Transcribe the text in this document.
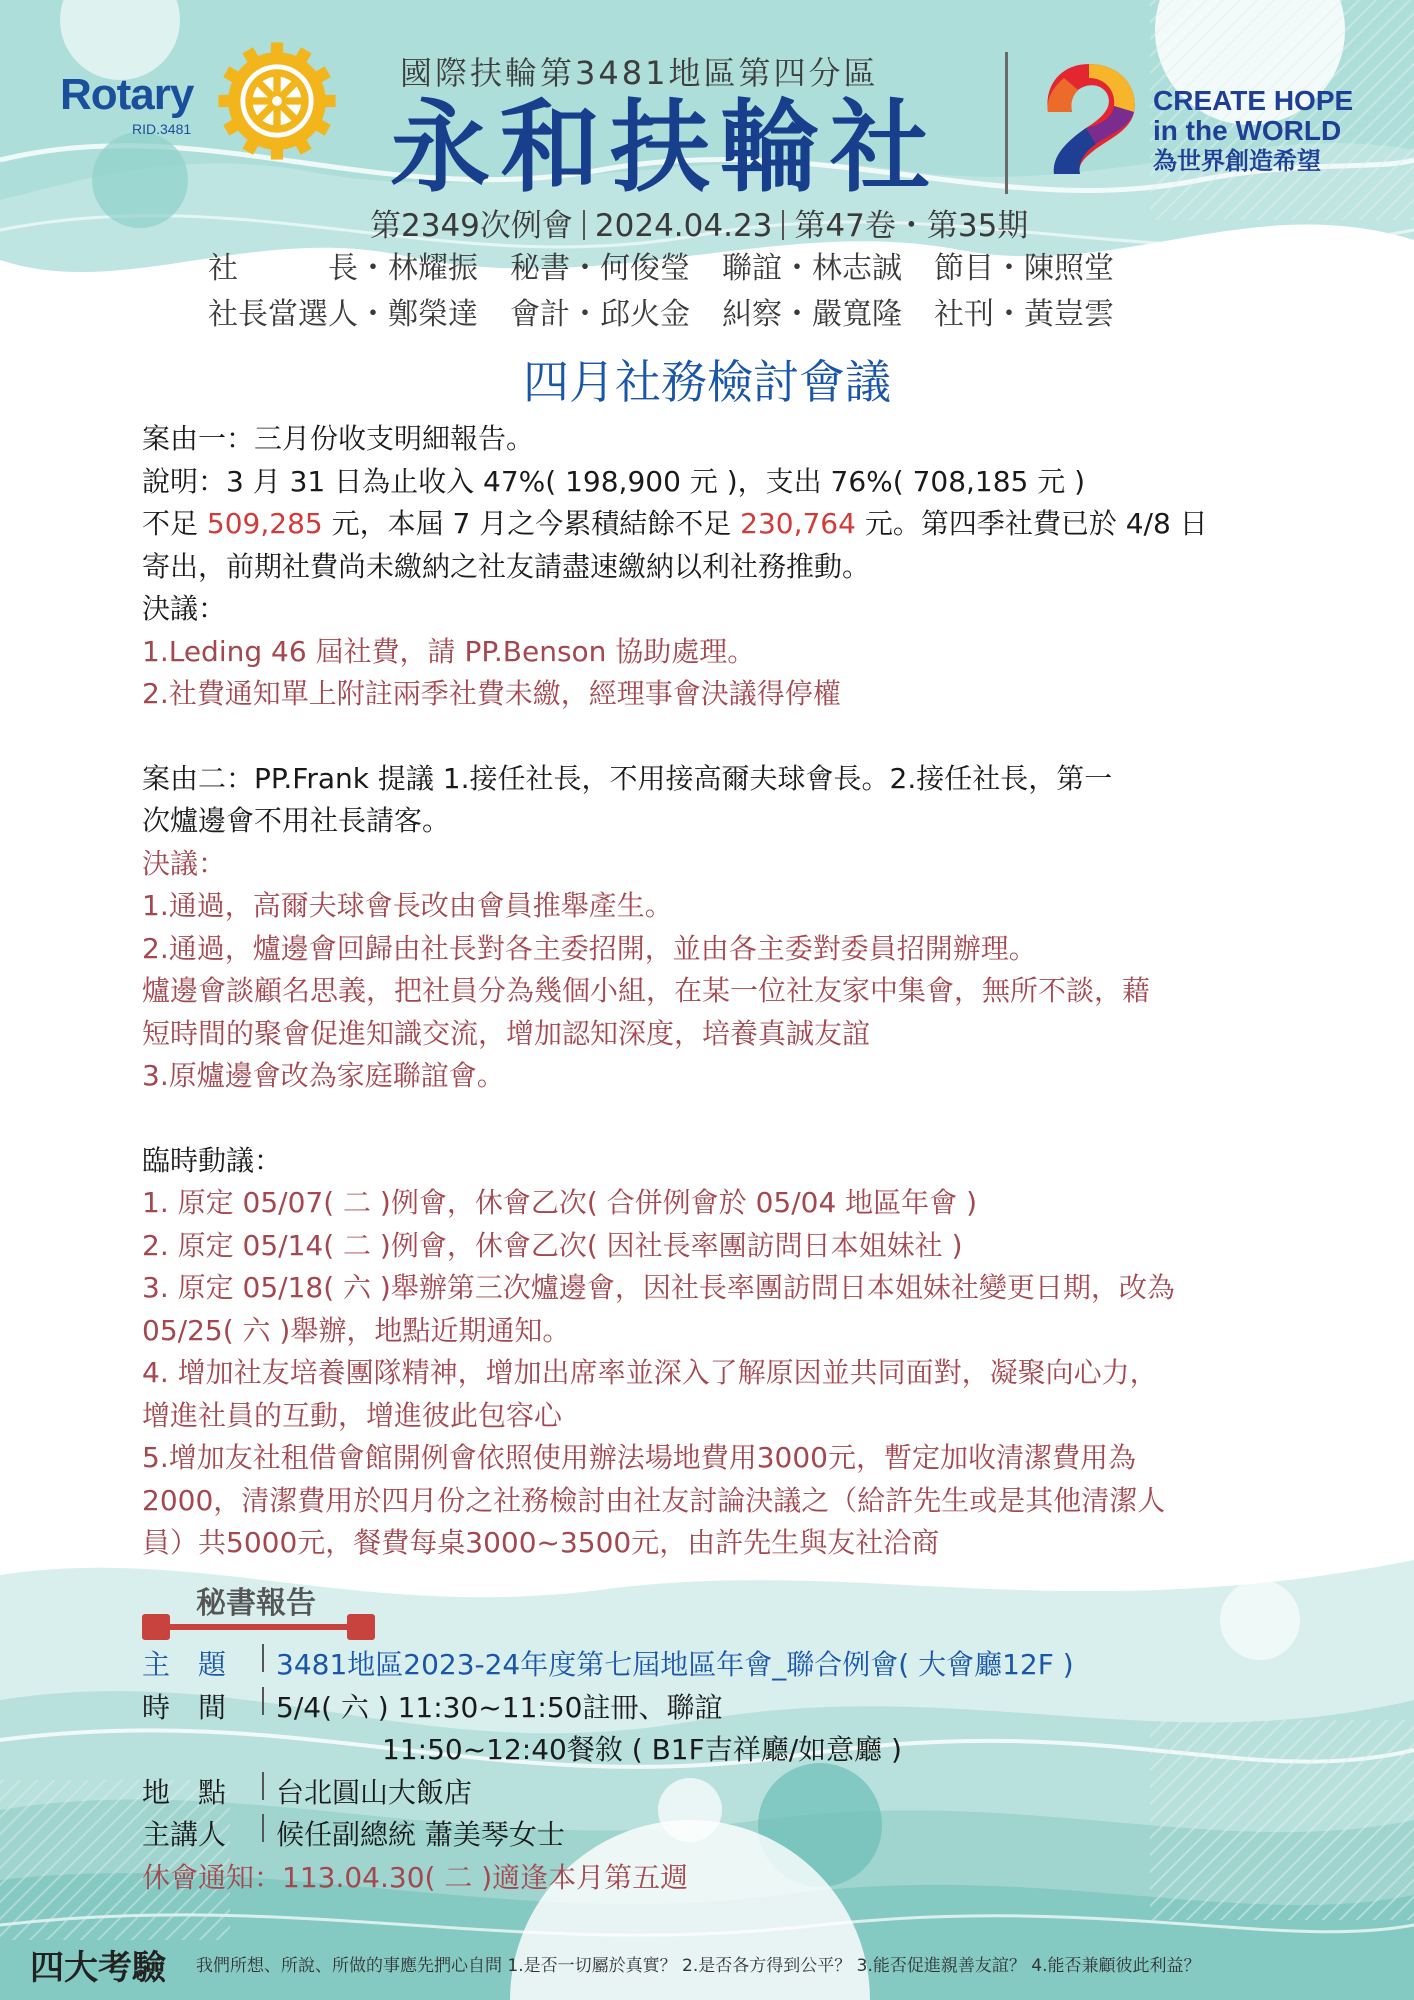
Rotary
RID.3481
國際扶輪第3481地區第四分區
永和扶輪社	CREATE HOPE
in the WORLD
為世界創造希望
第2349次例會 2024.04.23 第47卷・第35期
社　　　長・林耀振 秘書・何俊瑩 聯誼・林志誠 節目・陳照堂
社長當選人・鄭榮達 會計・邱火金 糾察・嚴寬隆 社刊・黃豈雲
四月社務檢討會議

案由一：三月份收支明細報告。

說明：3 月 31 日為止收入 47%( 198,900 元 )，支出 76%( 708,185 元 )

不足 509,285 元，本屆 7 月之今累積結餘不足 230,764 元。第四季社費已於 4/8 日

寄出，前期社費尚未繳納之社友請盡速繳納以利社務推動。

決議：

1.Leding 46 屆社費，請 PP.Benson 協助處理。

2.社費通知單上附註兩季社費未繳，經理事會決議得停權

案由二：PP.Frank 提議 1.接任社長，不用接高爾夫球會長。2.接任社長，第一

次爐邊會不用社長請客。

決議：

1.通過，高爾夫球會長改由會員推舉產生。

2.通過，爐邊會回歸由社長對各主委招開，並由各主委對委員招開辦理。

爐邊會談顧名思義，把社員分為幾個小組，在某一位社友家中集會，無所不談，藉

短時間的聚會促進知識交流，增加認知深度，培養真誠友誼

3.原爐邊會改為家庭聯誼會。

臨時動議：

1. 原定 05/07( 二 )例會，休會乙次( 合併例會於 05/04 地區年會 )

2. 原定 05/14( 二 )例會，休會乙次( 因社長率團訪問日本姐妹社 )

3. 原定 05/18( 六 )舉辦第三次爐邊會，因社長率團訪問日本姐妹社變更日期，改為

05/25( 六 )舉辦，地點近期通知。

4. 增加社友培養團隊精神，增加出席率並深入了解原因並共同面對，凝聚向心力，

增進社員的互動，增進彼此包容心

5.增加友社租借會館開例會依照使用辦法場地費用3000元，暫定加收清潔費用為

2000，清潔費用於四月份之社務檢討由社友討論決議之（給許先生或是其他清潔人

員）共5000元，餐費每桌3000~3500元，由許先生與友社洽商

秘書報告
主　題 3481地區2023-24年度第七屆地區年會_聯合例會( 大會廳12F )
時　間 5/4( 六 ) 11:30~11:50註冊、聯誼
11:50~12:40餐敘 ( B1F吉祥廳/如意廳 )
地　點 台北圓山大飯店
主講人 候任副總統 蕭美琴女士
休會通知：113.04.30( 二 )適逢本月第五週
四大考驗 我們所想、所說、所做的事應先捫心自問 1.是否一切屬於真實？ 2.是否各方得到公平？ 3.能否促進親善友誼？ 4.能否兼顧彼此利益？
